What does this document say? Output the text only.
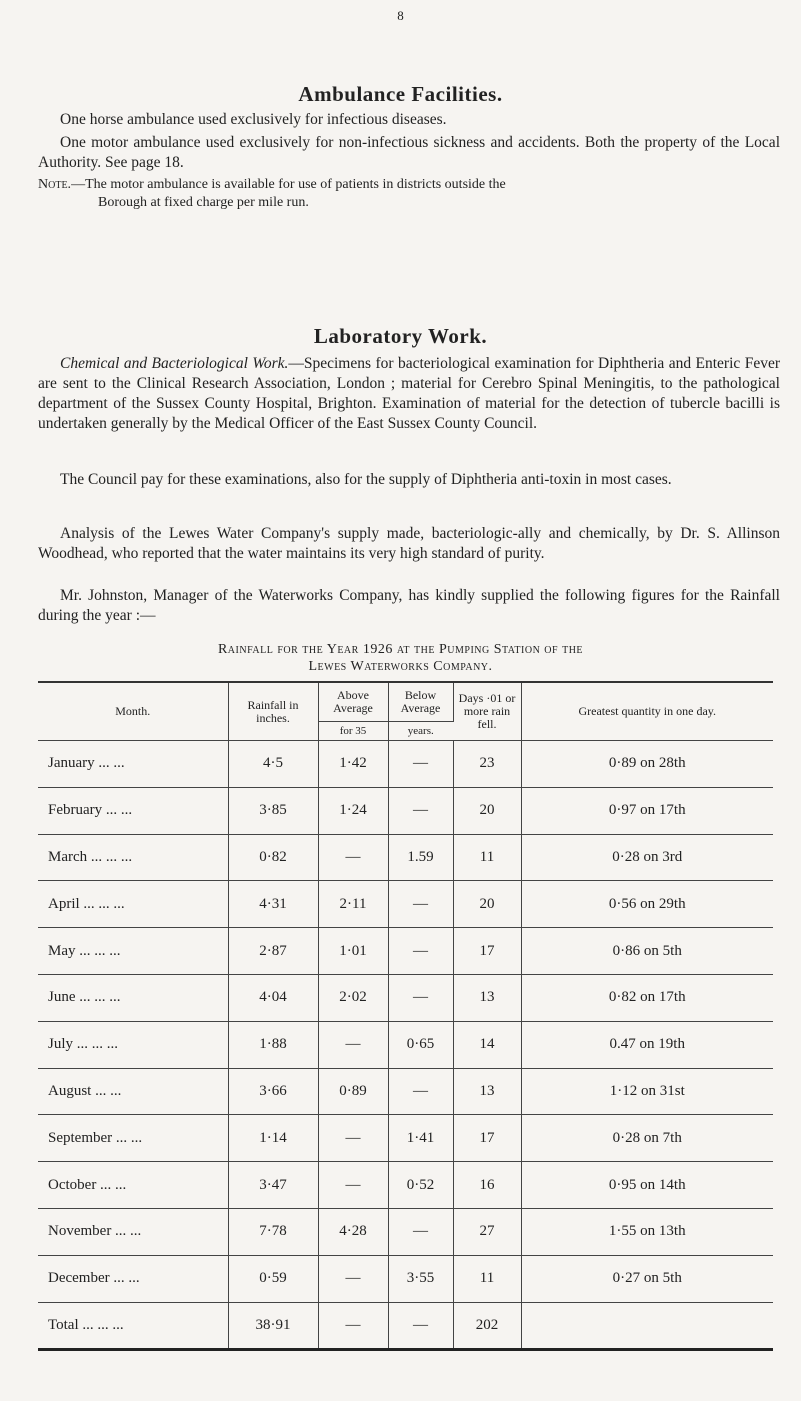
8
Ambulance Facilities.
One horse ambulance used exclusively for infectious diseases.
One motor ambulance used exclusively for non-infectious sickness and accidents. Both the property of the Local Authority. See page 18.
Note.—The motor ambulance is available for use of patients in districts outside the
Borough at fixed charge per mile run.
Laboratory Work.
Chemical and Bacteriological Work.—Specimens for bacteriological examination for Diphtheria and Enteric Fever are sent to the Clinical Research Association, London ; material for Cerebro Spinal Meningitis, to the pathological department of the Sussex County Hospital, Brighton. Examination of material for the detection of tubercle bacilli is undertaken generally by the Medical Officer of the East Sussex County Council.
The Council pay for these examinations, also for the supply of Diphtheria anti-toxin in most cases.
Analysis of the Lewes Water Company's supply made, bacteriologic-ally and chemically, by Dr. S. Allinson Woodhead, who reported that the water maintains its very high standard of purity.
Mr. Johnston, Manager of the Waterworks Company, has kindly supplied the following figures for the Rainfall during the year :—
Rainfall for the Year 1926 at the Pumping Station of the
Lewes Waterworks Company.
Month.	Rainfall in inches.	Above Average	Below Average	Days ·01 or more rain fell.	Greatest quantity in one day.
		for 35	years.		
January ... ...	4·5	1·42	—	23	0·89 on 28th
February ... ...	3·85	1·24	—	20	0·97 on 17th
March ... ... ...	0·82	—	1.59	11	0·28 on 3rd
April ... ... ...	4·31	2·11	—	20	0·56 on 29th
May ... ... ...	2·87	1·01	—	17	0·86 on 5th
June ... ... ...	4·04	2·02	—	13	0·82 on 17th
July ... ... ...	1·88	—	0·65	14	0.47 on 19th
August ... ...	3·66	0·89	—	13	1·12 on 31st
September ... ...	1·14	—	1·41	17	0·28 on 7th
October ... ...	3·47	—	0·52	16	0·95 on 14th
November ... ...	7·78	4·28	—	27	1·55 on 13th
December ... ...	0·59	—	3·55	11	0·27 on 5th
Total ... ... ...	38·91	—	—	202	
